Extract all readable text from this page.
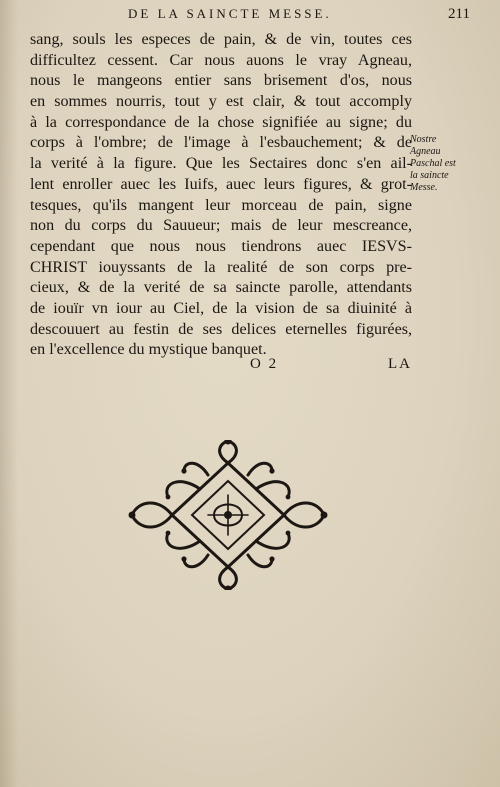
DE LA SAINCTE MESSE.	211
sang, souls les especes de pain, & de vin, toutes ces
difficultez cessent. Car nous auons le vray Agneau,
nous le mangeons entier sans brisement d'os, nous
en sommes nourris, tout y est clair, & tout accomply
à la correspondance de la chose signifiée au signe; du
corps à l'ombre; de l'image à l'esbauchement; & de
la verité à la figure. Que les Sectaires donc s'en ail-
lent enroller auec les Iuifs, auec leurs figures, & grot-
tesques, qu'ils mangent leur morceau de pain, signe
non du corps du Sauueur; mais de leur mescreance,
cependant que nous nous tiendrons auec IESVS-
CHRIST iouyssants de la realité de son corps pre-
cieux, & de la verité de sa saincte parolle, attendants
de iouïr vn iour au Ciel, de la vision de sa diuinité à
descouuert au festin de ses delices eternelles figurées,
en l'excellence du mystique banquet.
Nostre
Agneau
Paschal est
la saincte
Messe.
O 2	LA
